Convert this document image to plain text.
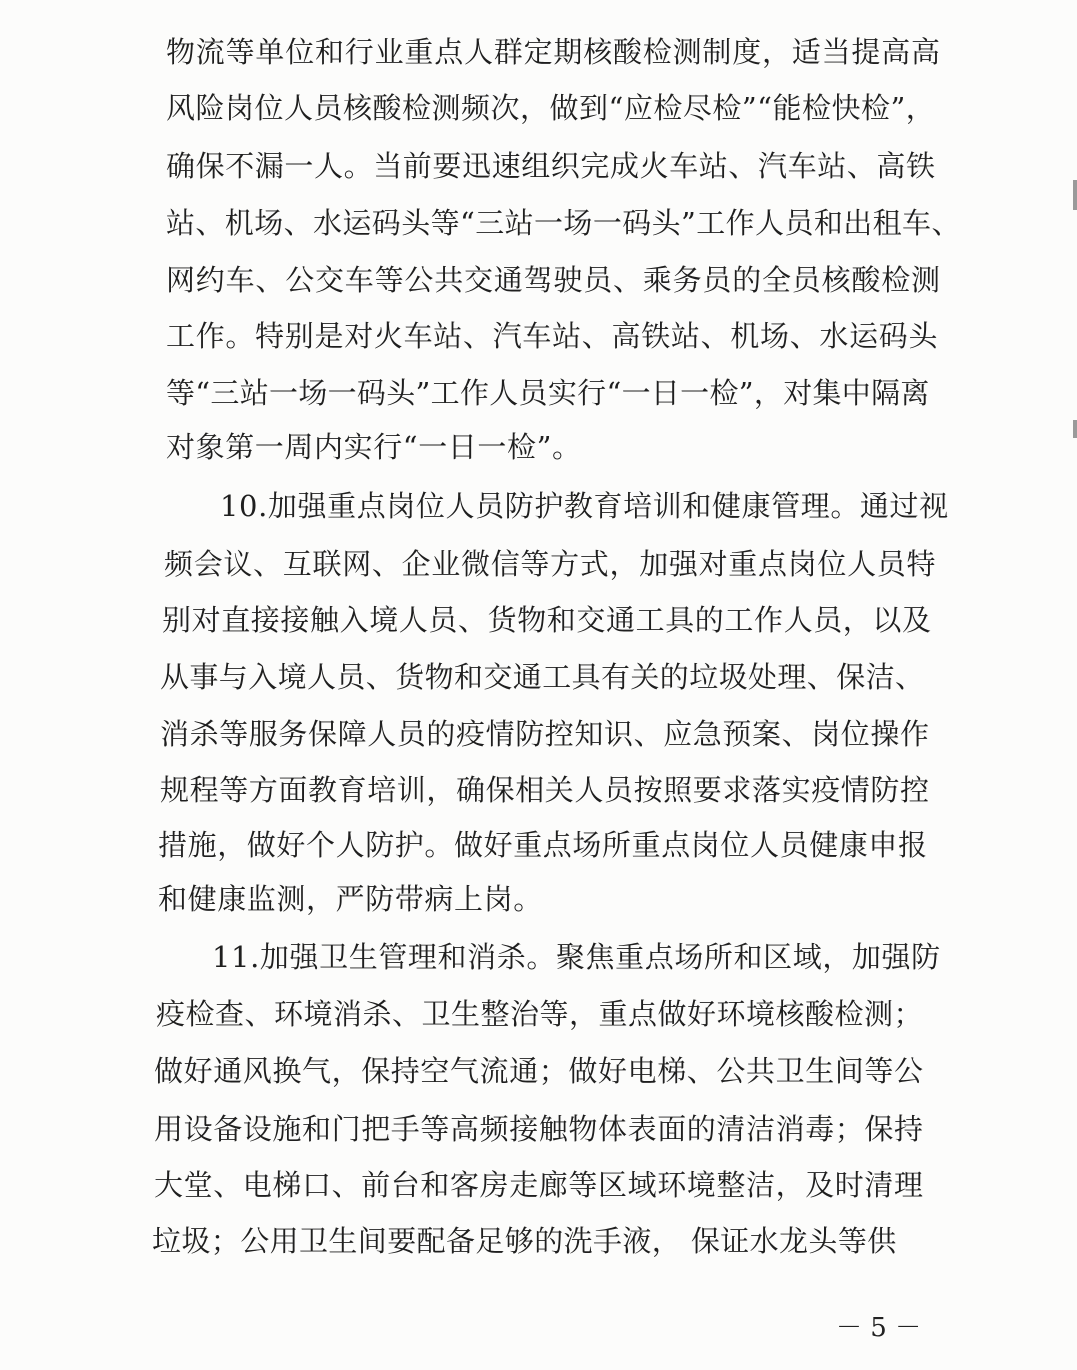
物流等单位和行业重点人群定期核酸检测制度，适当提高高
风险岗位人员核酸检测频次，做到“应检尽检”“能检快检”，
确保不漏一人。当前要迅速组织完成火车站、汽车站、高铁
站、机场、水运码头等“三站一场一码头”工作人员和出租车、
网约车、公交车等公共交通驾驶员、乘务员的全员核酸检测
工作。特别是对火车站、汽车站、高铁站、机场、水运码头
等“三站一场一码头”工作人员实行“一日一检”，对集中隔离
对象第一周内实行“一日一检”。
10.加强重点岗位人员防护教育培训和健康管理。通过视
频会议、互联网、企业微信等方式，加强对重点岗位人员特
别对直接接触入境人员、货物和交通工具的工作人员，以及
从事与入境人员、货物和交通工具有关的垃圾处理、保洁、
消杀等服务保障人员的疫情防控知识、应急预案、岗位操作
规程等方面教育培训，确保相关人员按照要求落实疫情防控
措施，做好个人防护。做好重点场所重点岗位人员健康申报
和健康监测，严防带病上岗。
11.加强卫生管理和消杀。聚焦重点场所和区域，加强防
疫检查、环境消杀、卫生整治等，重点做好环境核酸检测；
做好通风换气，保持空气流通；做好电梯、公共卫生间等公
用设备设施和门把手等高频接触物体表面的清洁消毒；保持
大堂、电梯口、前台和客房走廊等区域环境整洁，及时清理
垃圾；公用卫生间要配备足够的洗手液， 保证水龙头等供
－ 5 －
